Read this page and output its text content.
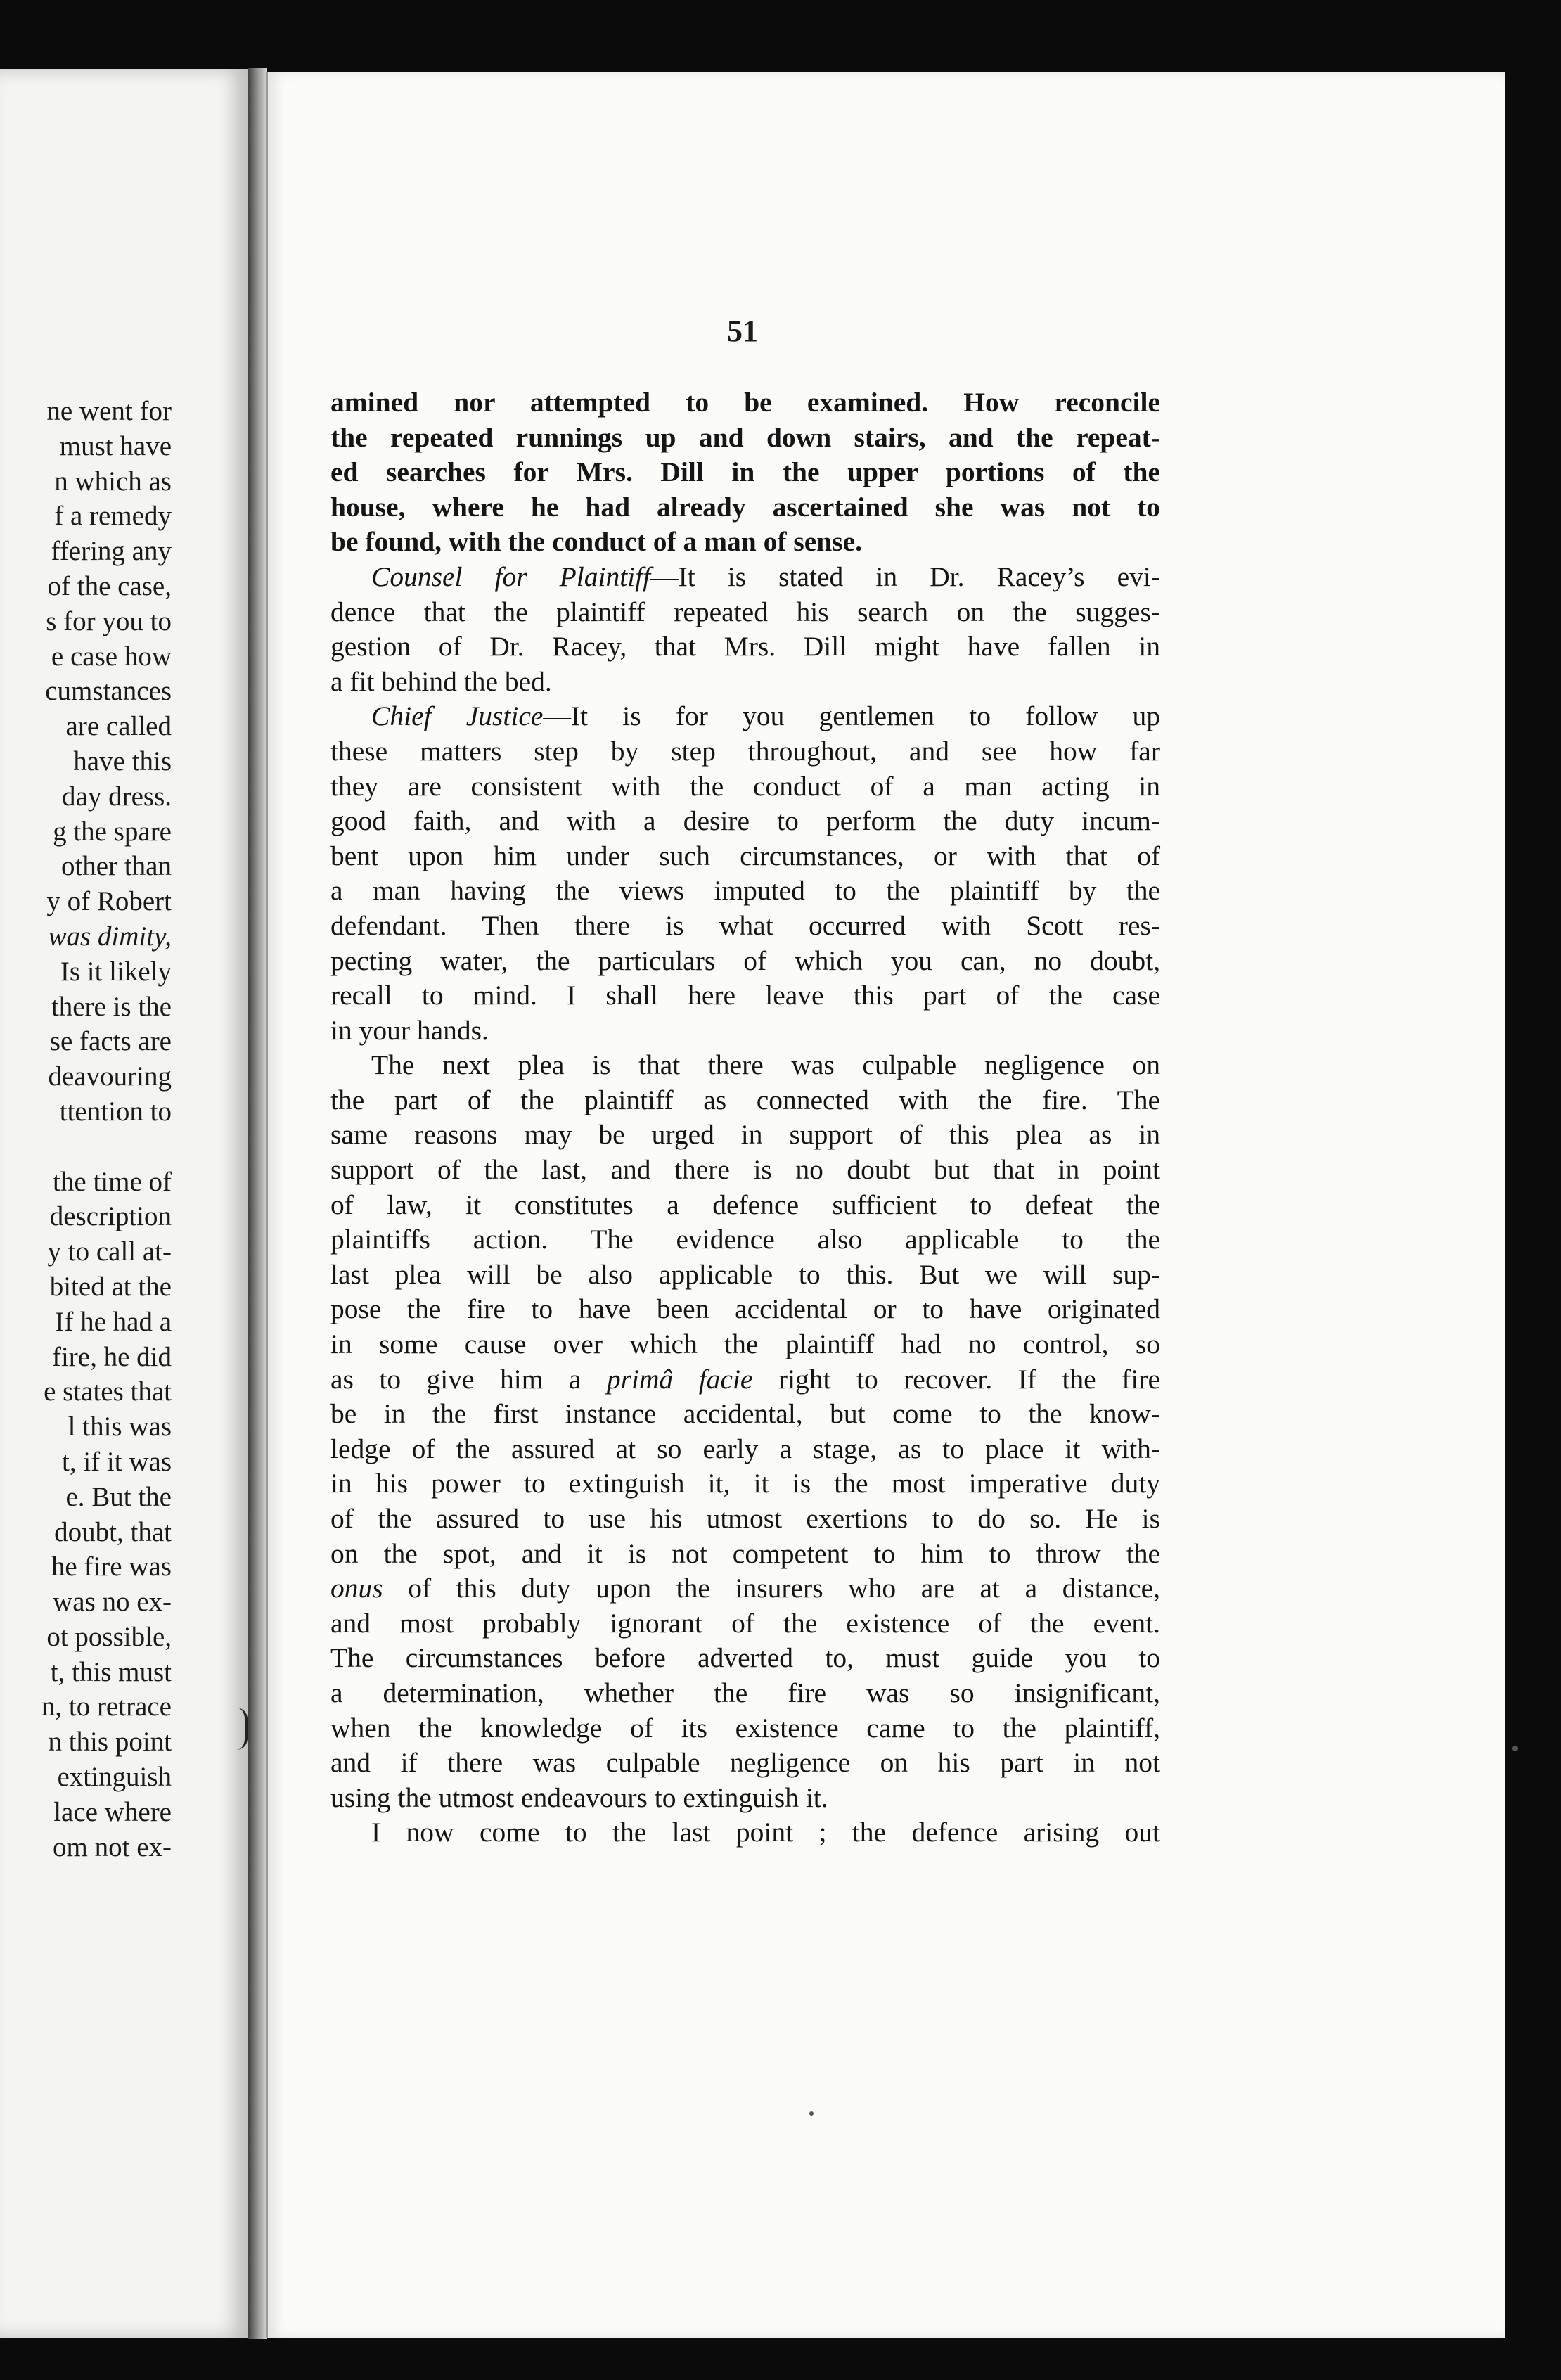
ne went for
must have
n which as
f a remedy
ffering any
of the case,
s for you to
e case how
cumstances
are called
have this
day dress.
g the spare
other than
y of Robert
was dimity,
Is it likely
there is the
se facts are
deavouring
ttention to
the time of
description
y to call at-
bited at the
If he had a
fire, he did
e states that
l this was
t, if it was
e. But the
doubt, that
he fire was
was no ex-
ot possible,
t, this must
n, to retrace
n this point
extinguish
lace where
om not ex-
51
amined nor attempted to be examined. How reconcile
the repeated runnings up and down stairs, and the repeat-
ed searches for Mrs. Dill in the upper portions of the
house, where he had already ascertained she was not to
be found, with the conduct of a man of sense.
Counsel for Plaintiff—It is stated in Dr. Racey’s evi-
dence that the plaintiff repeated his search on the sugges-
gestion of Dr. Racey, that Mrs. Dill might have fallen in
a fit behind the bed.
Chief Justice—It is for you gentlemen to follow up
these matters step by step throughout, and see how far
they are consistent with the conduct of a man acting in
good faith, and with a desire to perform the duty incum-
bent upon him under such circumstances, or with that of
a man having the views imputed to the plaintiff by the
defendant. Then there is what occurred with Scott res-
pecting water, the particulars of which you can, no doubt,
recall to mind. I shall here leave this part of the case
in your hands.
The next plea is that there was culpable negligence on
the part of the plaintiff as connected with the fire. The
same reasons may be urged in support of this plea as in
support of the last, and there is no doubt but that in point
of law, it constitutes a defence sufficient to defeat the
plaintiffs action. The evidence also applicable to the
last plea will be also applicable to this. But we will sup-
pose the fire to have been accidental or to have originated
in some cause over which the plaintiff had no control, so
as to give him a primâ facie right to recover. If the fire
be in the first instance accidental, but come to the know-
ledge of the assured at so early a stage, as to place it with-
in his power to extinguish it, it is the most imperative duty
of the assured to use his utmost exertions to do so. He is
on the spot, and it is not competent to him to throw the
onus of this duty upon the insurers who are at a distance,
and most probably ignorant of the existence of the event.
The circumstances before adverted to, must guide you to
a determination, whether the fire was so insignificant,
when the knowledge of its existence came to the plaintiff,
and if there was culpable negligence on his part in not
using the utmost endeavours to extinguish it.
I now come to the last point ; the defence arising out
